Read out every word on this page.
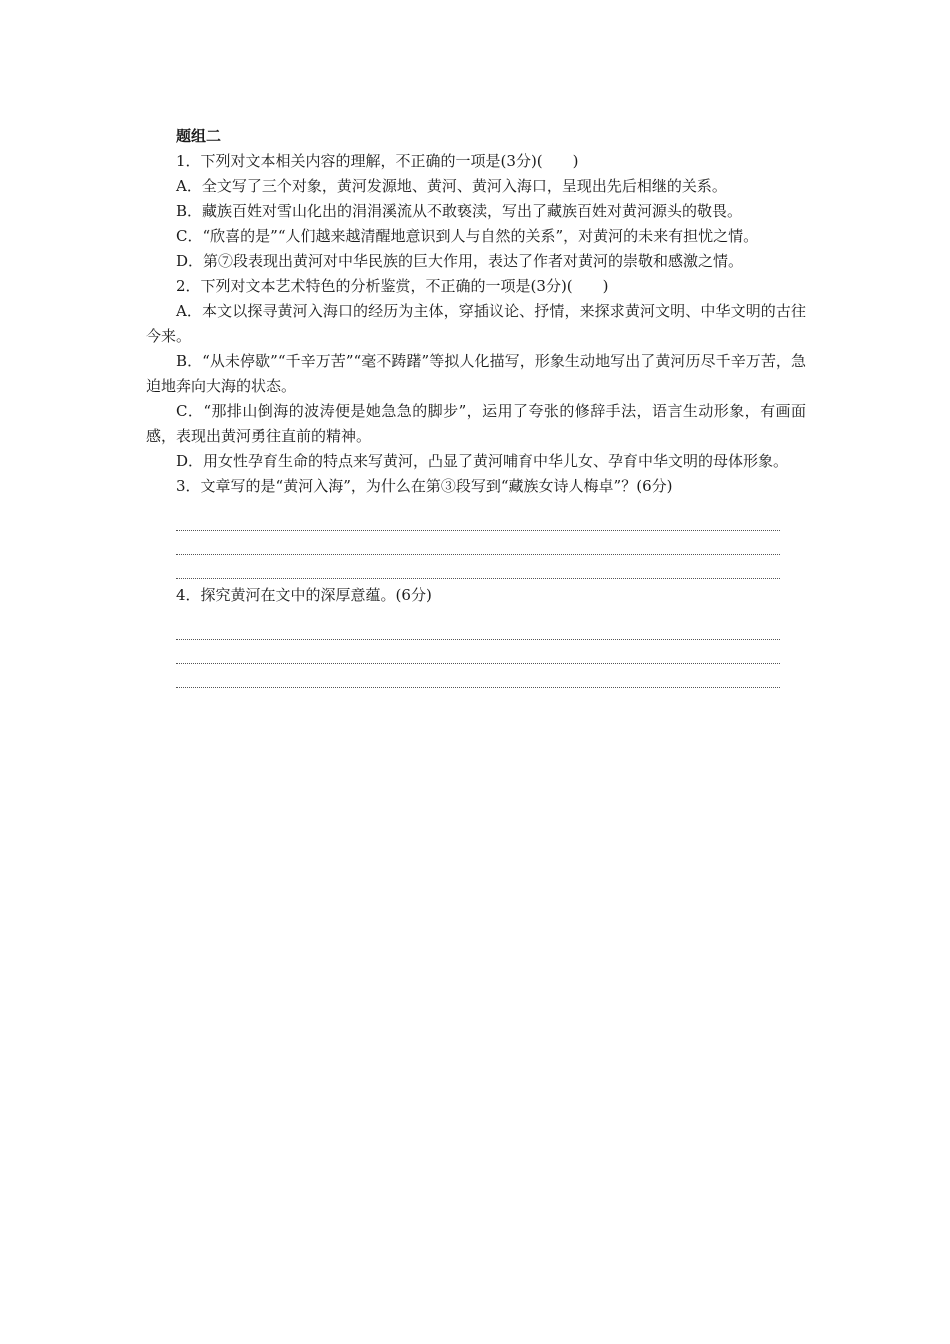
题组二

1．下列对文本相关内容的理解，不正确的一项是(3分)(　　)

A．全文写了三个对象，黄河发源地、黄河、黄河入海口，呈现出先后相继的关系。

B．藏族百姓对雪山化出的涓涓溪流从不敢亵渎，写出了藏族百姓对黄河源头的敬畏。

C．“欣喜的是”“人们越来越清醒地意识到人与自然的关系”，对黄河的未来有担忧之情。

D．第⑦段表现出黄河对中华民族的巨大作用，表达了作者对黄河的崇敬和感激之情。

2．下列对文本艺术特色的分析鉴赏，不正确的一项是(3分)(　　)

A．本文以探寻黄河入海口的经历为主体，穿插议论、抒情，来探求黄河文明、中华文明的古往今来。

B．“从未停歇”“千辛万苦”“毫不踌躇”等拟人化描写，形象生动地写出了黄河历尽千辛万苦，急迫地奔向大海的状态。

C．“那排山倒海的波涛便是她急急的脚步”，运用了夸张的修辞手法，语言生动形象，有画面感，表现出黄河勇往直前的精神。

D．用女性孕育生命的特点来写黄河，凸显了黄河哺育中华儿女、孕育中华文明的母体形象。

3．文章写的是“黄河入海”，为什么在第③段写到“藏族女诗人梅卓”？(6分)

4．探究黄河在文中的深厚意蕴。(6分)
